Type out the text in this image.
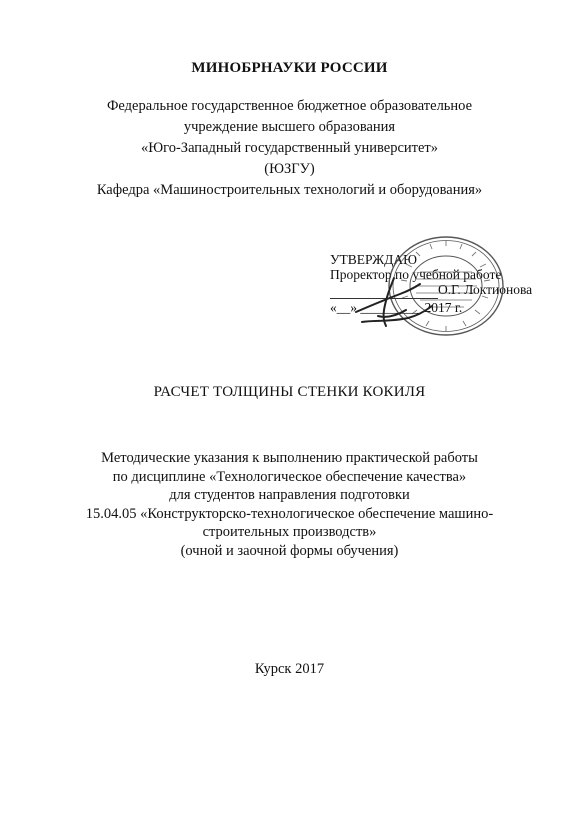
МИНОБРНАУКИ РОССИИ
Федеральное государственное бюджетное образовательное
учреждение высшего образования
«Юго-Западный государственный университет»
(ЮЗГУ)
Кафедра «Машиностроительных технологий и оборудования»
УТВЕРЖДАЮ
Проректор по учебной работе
О.Г. Локтионова
«__» _________ 2017 г.
РАСЧЕТ ТОЛЩИНЫ СТЕНКИ КОКИЛЯ
Методические указания к выполнению практической работы
по дисциплине «Технологическое обеспечение качества»
для студентов направления подготовки
15.04.05 «Конструкторско-технологическое обеспечение машино-
строительных производств»
(очной и заочной формы обучения)
Курск 2017
